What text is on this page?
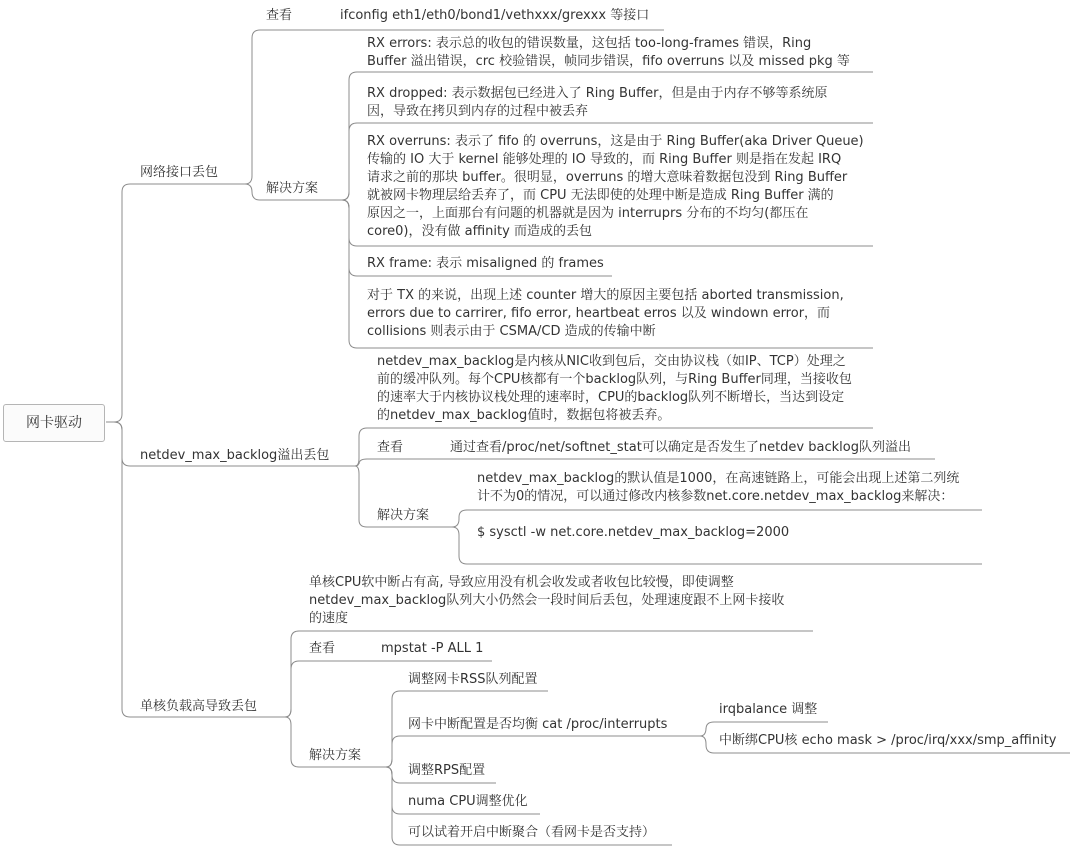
网卡驱动
网络接口丢包
查看	ifconfig eth1/eth0/bond1/vethxxx/grexxx 等接口
解决方案
RX errors: 表示总的收包的错误数量，这包括 too-long-frames 错误，Ring
Buffer 溢出错误，crc 校验错误，帧同步错误，fifo overruns 以及 missed pkg 等
RX dropped: 表示数据包已经进入了 Ring Buffer，但是由于内存不够等系统原
因，导致在拷贝到内存的过程中被丢弃
RX overruns: 表示了 fifo 的 overruns，这是由于 Ring Buffer(aka Driver Queue)
传输的 IO 大于 kernel 能够处理的 IO 导致的，而 Ring Buffer 则是指在发起 IRQ
请求之前的那块 buffer。很明显，overruns 的增大意味着数据包没到 Ring Buffer
就被网卡物理层给丢弃了，而 CPU 无法即使的处理中断是造成 Ring Buffer 满的
原因之一，上面那台有问题的机器就是因为 interruprs 分布的不均匀(都压在
core0)，没有做 affinity 而造成的丢包
RX frame: 表示 misaligned 的 frames
对于 TX 的来说，出现上述 counter 增大的原因主要包括 aborted transmission,
errors due to carrirer, fifo error, heartbeat erros 以及 windown error，而
collisions 则表示由于 CSMA/CD 造成的传输中断
netdev_max_backlog溢出丢包
netdev_max_backlog是内核从NIC收到包后，交由协议栈（如IP、TCP）处理之
前的缓冲队列。每个CPU核都有一个backlog队列，与Ring Buffer同理，当接收包
的速率大于内核协议栈处理的速率时，CPU的backlog队列不断增长，当达到设定
的netdev_max_backlog值时，数据包将被丢弃。
查看	通过查看/proc/net/softnet_stat可以确定是否发生了netdev backlog队列溢出
解决方案
netdev_max_backlog的默认值是1000，在高速链路上，可能会出现上述第二列统
计不为0的情况，可以通过修改内核参数net.core.netdev_max_backlog来解决：
$ sysctl -w net.core.netdev_max_backlog=2000
单核负载高导致丢包
单核CPU软中断占有高, 导致应用没有机会收发或者收包比较慢，即使调整
netdev_max_backlog队列大小仍然会一段时间后丢包，处理速度跟不上网卡接收
的速度
查看	mpstat -P ALL 1
解决方案
调整网卡RSS队列配置
网卡中断配置是否均衡 cat /proc/interrupts
irqbalance 调整
中断绑CPU核 echo mask > /proc/irq/xxx/smp_affinity
调整RPS配置
numa CPU调整优化
可以试着开启中断聚合（看网卡是否支持）
